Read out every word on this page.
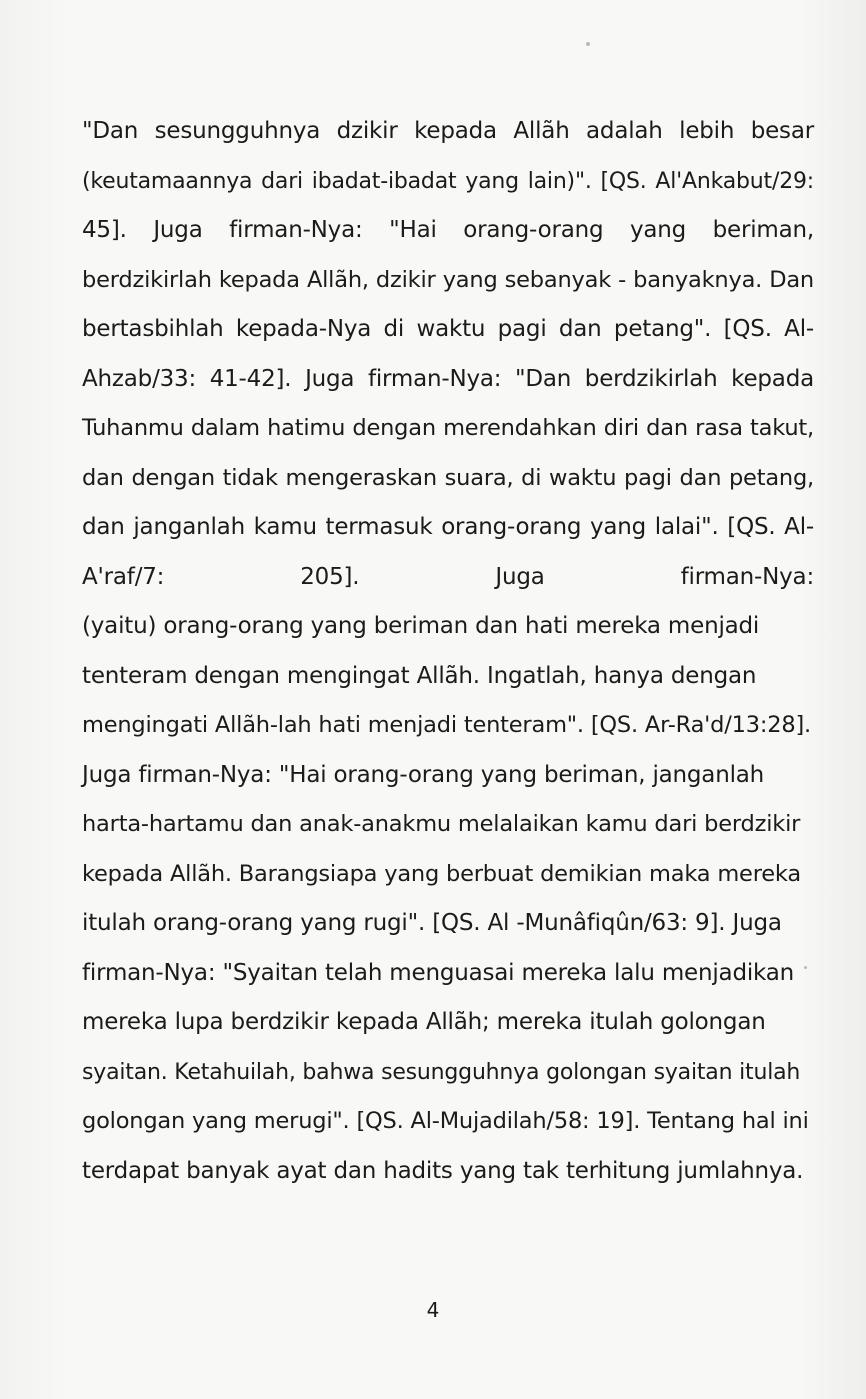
"Dan sesungguhnya dzikir kepada Allãh adalah lebih besar
(keutamaannya dari ibadat-ibadat yang lain)". [QS. Al'Ankabut/29:
45]. Juga firman-Nya: "Hai orang-orang yang beriman,
berdzikirlah kepada Allãh, dzikir yang sebanyak - banyaknya. Dan
bertasbihlah kepada-Nya di waktu pagi dan petang". [QS. Al-
Ahzab/33: 41-42]. Juga firman-Nya: "Dan berdzikirlah kepada
Tuhanmu dalam hatimu dengan merendahkan diri dan rasa takut,
dan dengan tidak mengeraskan suara, di waktu pagi dan petang,
dan janganlah kamu termasuk orang-orang yang lalai". [QS. Al-
A'raf/7: 205]. Juga firman-Nya:
(yaitu) orang-orang yang beriman dan hati mereka menjadi
tenteram dengan mengingat Allãh. Ingatlah, hanya dengan
mengingati Allãh-lah hati menjadi tenteram". [QS. Ar-Ra'd/13:28].
Juga firman-Nya: "Hai orang-orang yang beriman, janganlah
harta-hartamu dan anak-anakmu melalaikan kamu dari berdzikir
kepada Allãh. Barangsiapa yang berbuat demikian maka mereka
itulah orang-orang yang rugi". [QS. Al -Munâfiqûn/63: 9]. Juga
firman-Nya: "Syaitan telah menguasai mereka lalu menjadikan
mereka lupa berdzikir kepada Allãh; mereka itulah golongan
syaitan. Ketahuilah, bahwa sesungguhnya golongan syaitan itulah
golongan yang merugi". [QS. Al-Mujadilah/58: 19]. Tentang hal ini
terdapat banyak ayat dan hadits yang tak terhitung jumlahnya.
4
